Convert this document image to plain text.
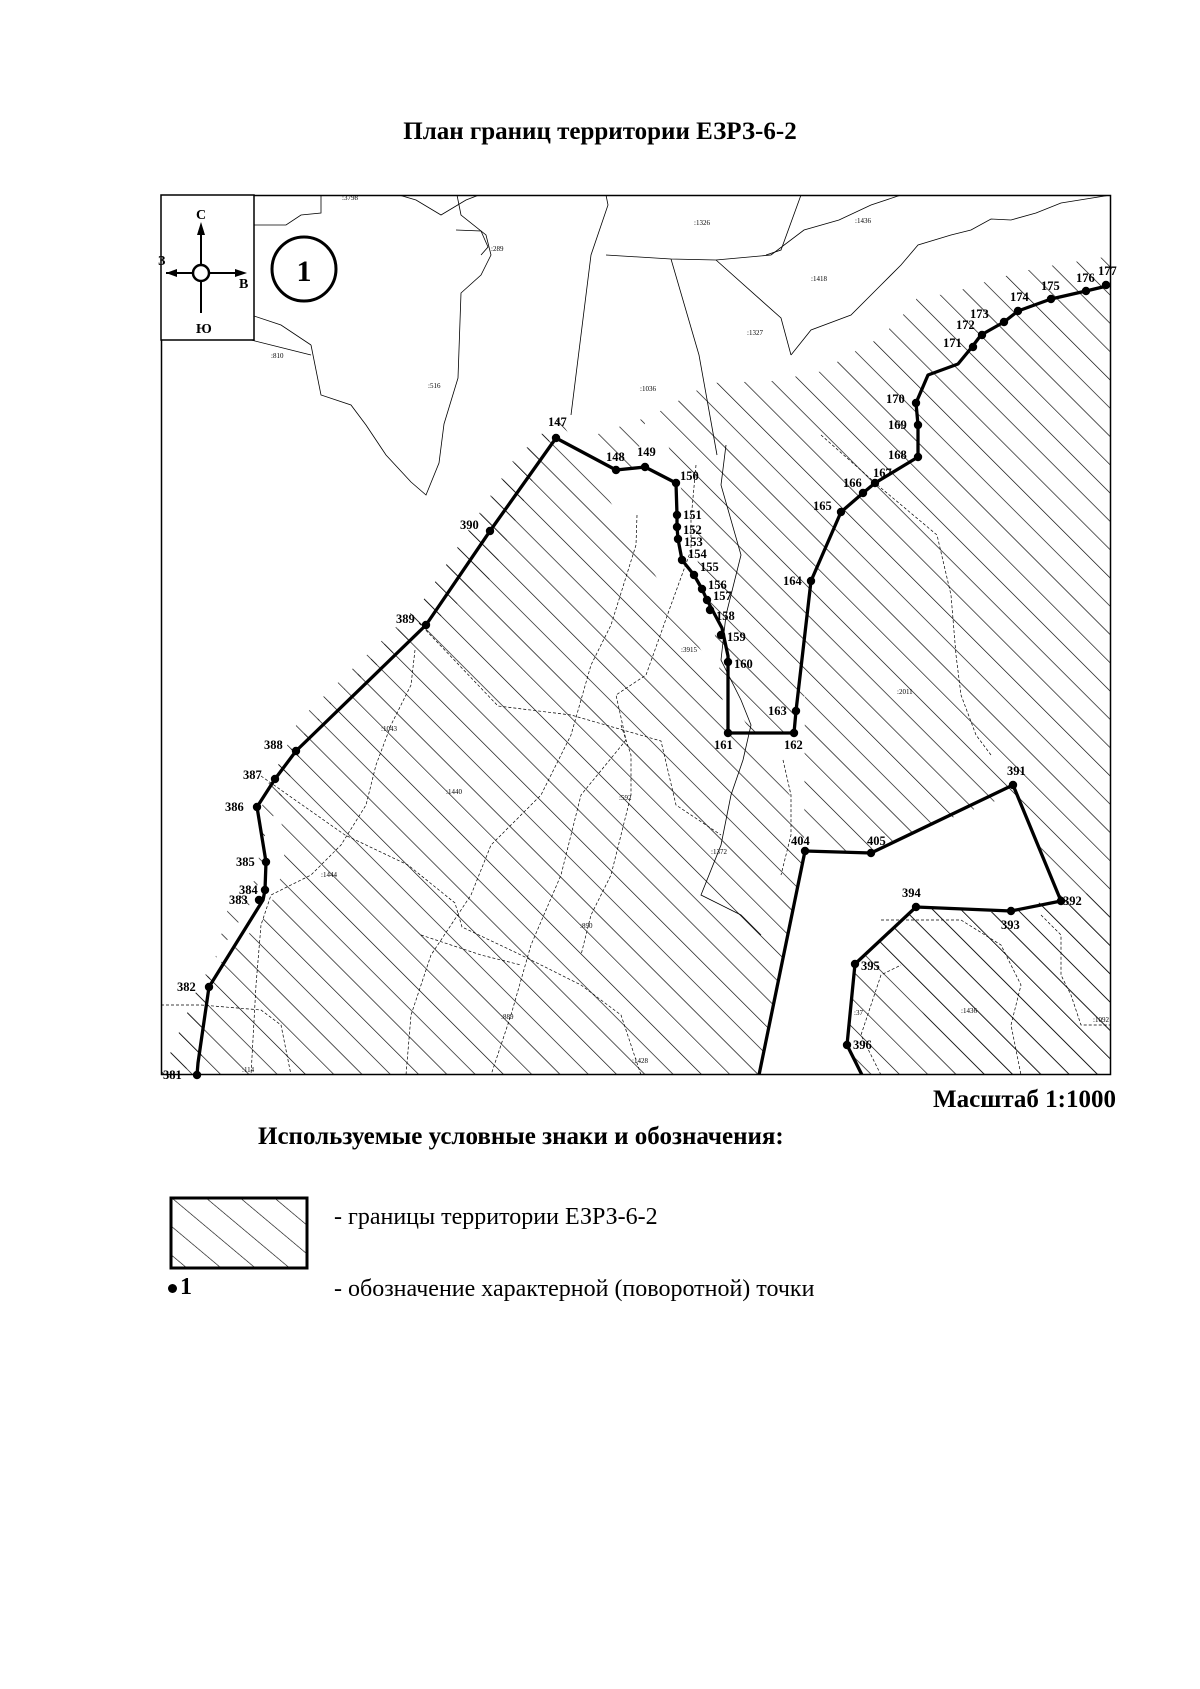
План границ территории ЕЗРЗ-6-2
С
Ю
В
З	1
:3798
:289
:1326	:1436
:1418
:1327
:810
:516	:1036
:3915
:2011
:1043
:1440
:592
:1372
:1444
:890
:889
:1428
:1436
:1092
:37
:114
147
148 149
150
151
152
153
154
155
156
157
158
159
160
161	162
163
164
165
166
167
168
169
170
171
172
173
174
175
176 177
381
382
383
384
385
386
387
388
389
390
391
392
393
394
395
396
404	405
Масштаб 1:1000
Используемые условные знаки и обозначения:
- границы территории ЕЗРЗ-6-2
1	- обозначение характерной (поворотной) точки
